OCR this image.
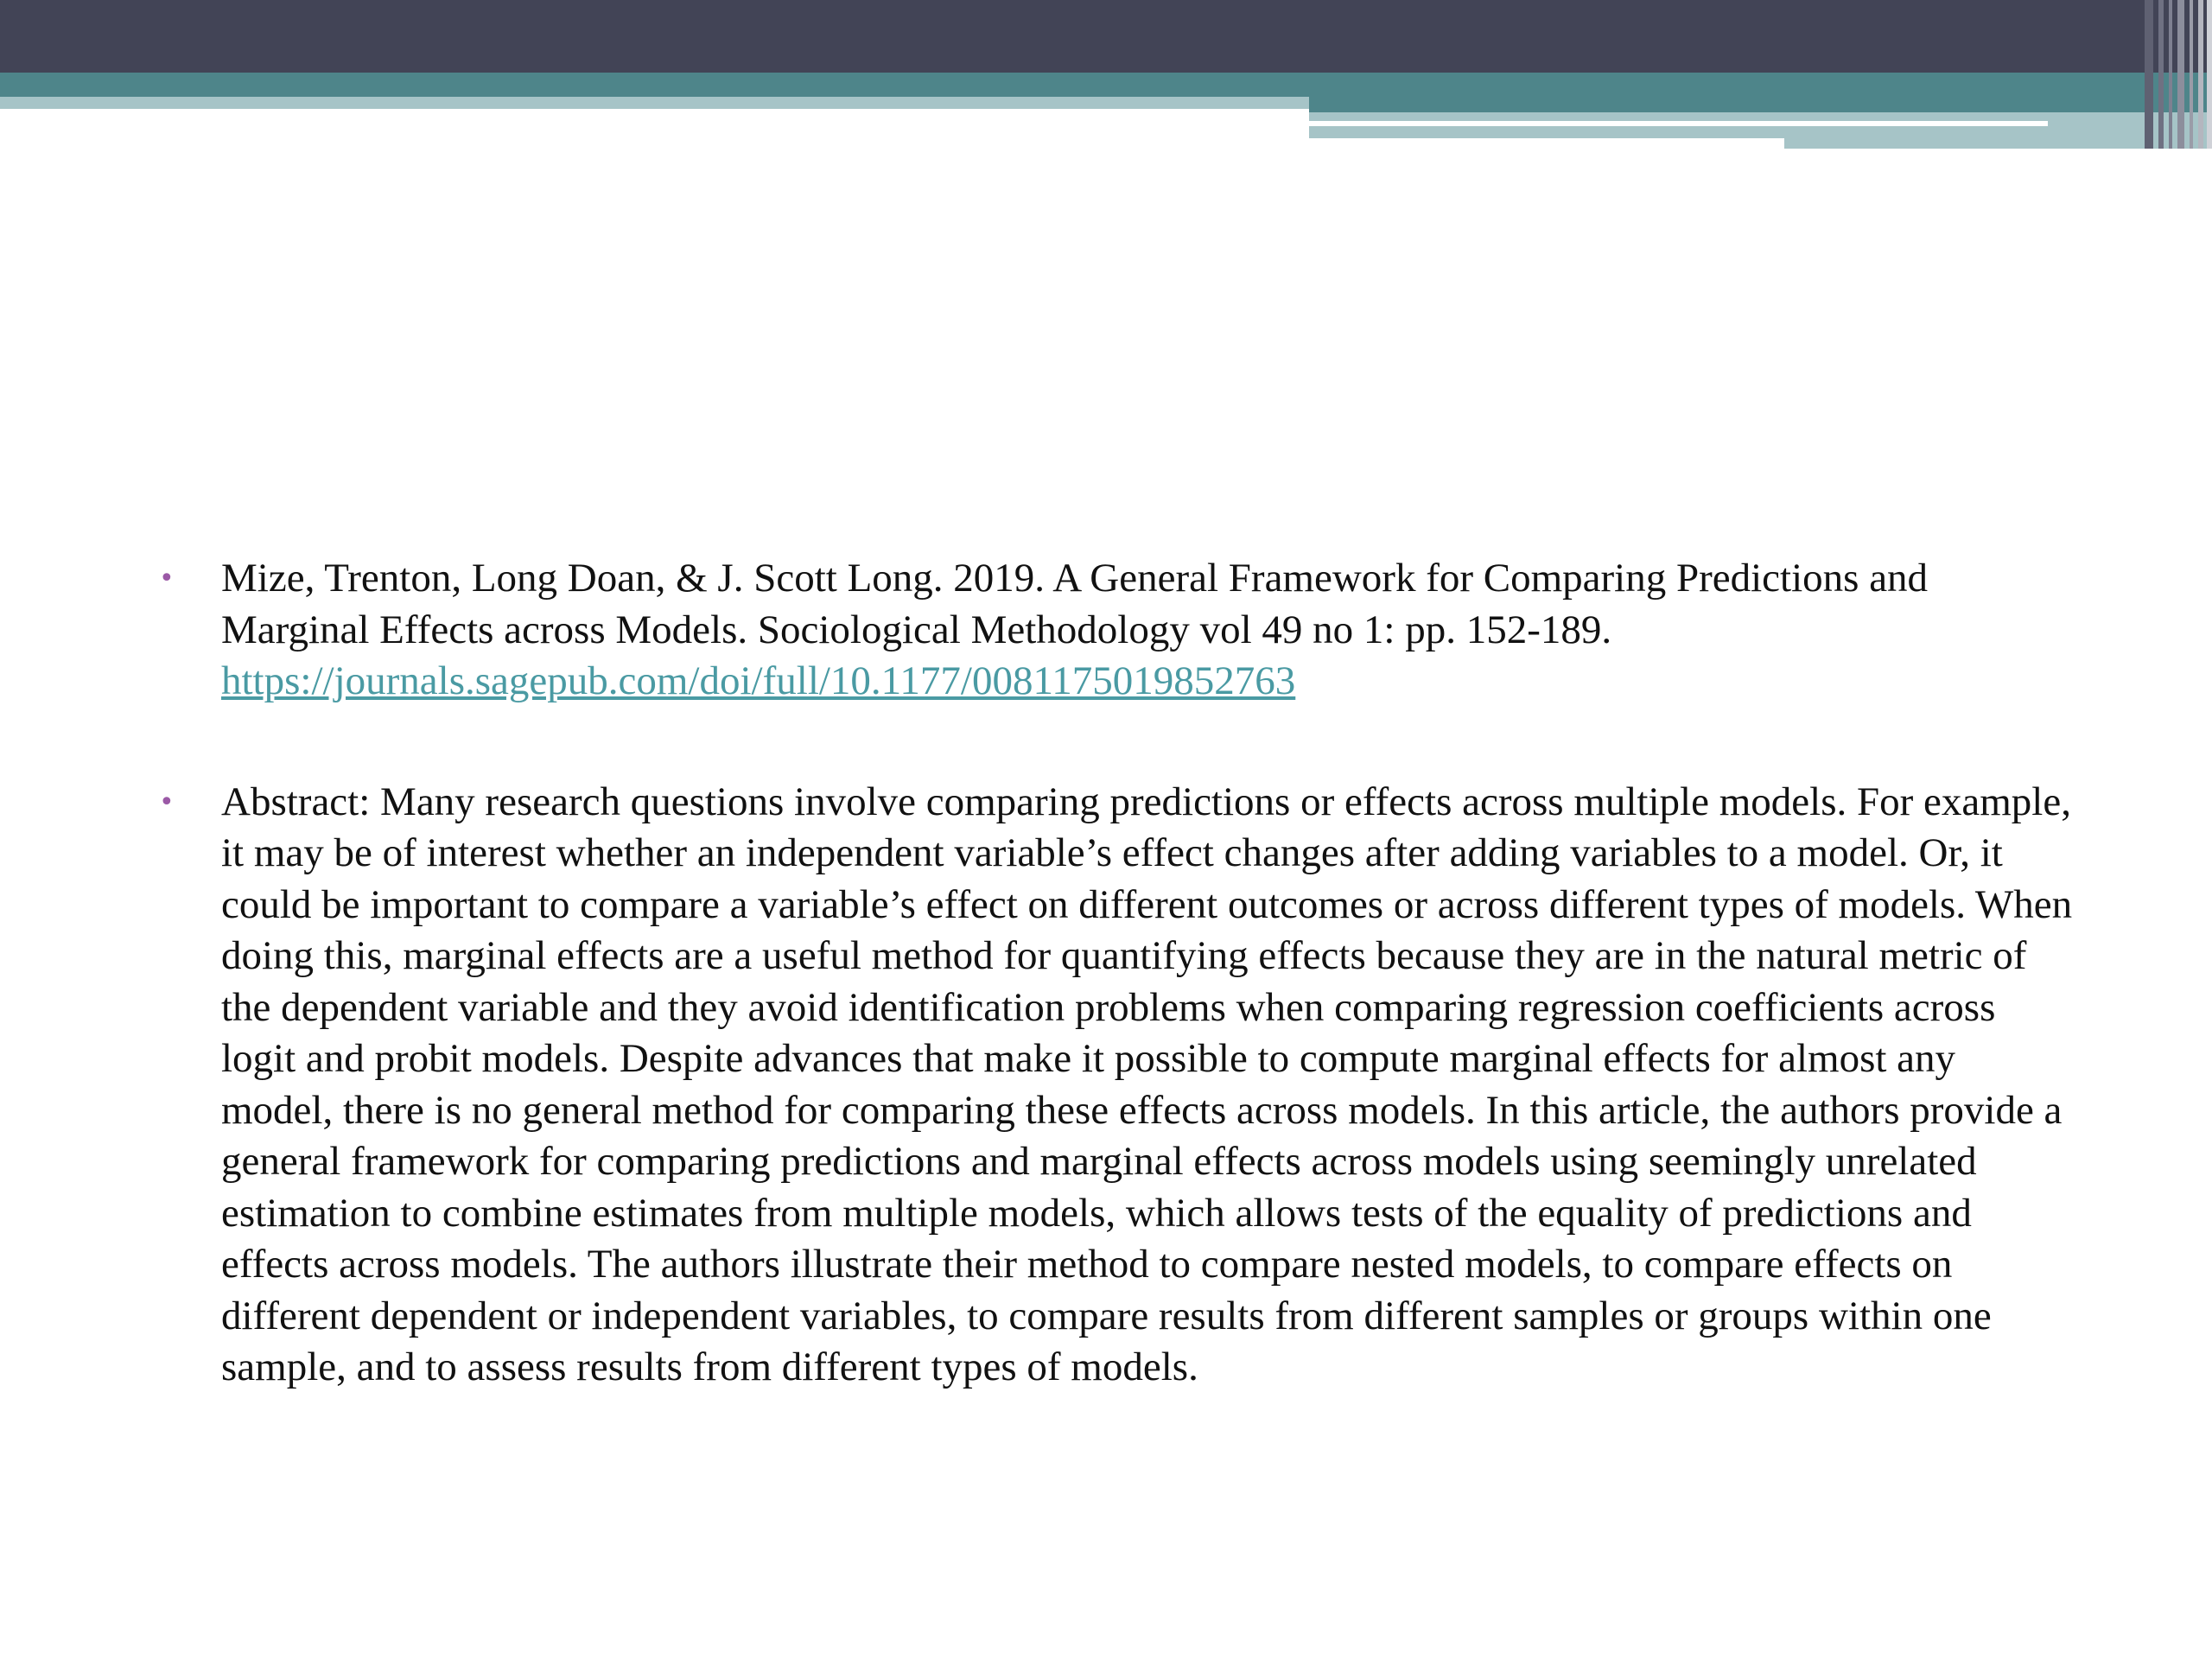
• Mize, Trenton, Long Doan, & J. Scott Long. 2019. A General Framework for Comparing Predictions and Marginal Effects across Models. Sociological Methodology vol 49 no 1: pp. 152-189. https://journals.sagepub.com/doi/full/10.1177/0081175019852763
• Abstract: Many research questions involve comparing predictions or effects across multiple models. For example, it may be of interest whether an independent variable’s effect changes after adding variables to a model. Or, it could be important to compare a variable’s effect on different outcomes or across different types of models. When doing this, marginal effects are a useful method for quantifying effects because they are in the natural metric of the dependent variable and they avoid identification problems when comparing regression coefficients across logit and probit models. Despite advances that make it possible to compute marginal effects for almost any model, there is no general method for comparing these effects across models. In this article, the authors provide a general framework for comparing predictions and marginal effects across models using seemingly unrelated estimation to combine estimates from multiple models, which allows tests of the equality of predictions and effects across models. The authors illustrate their method to compare nested models, to compare effects on different dependent or independent variables, to compare results from different samples or groups within one sample, and to assess results from different types of models.
